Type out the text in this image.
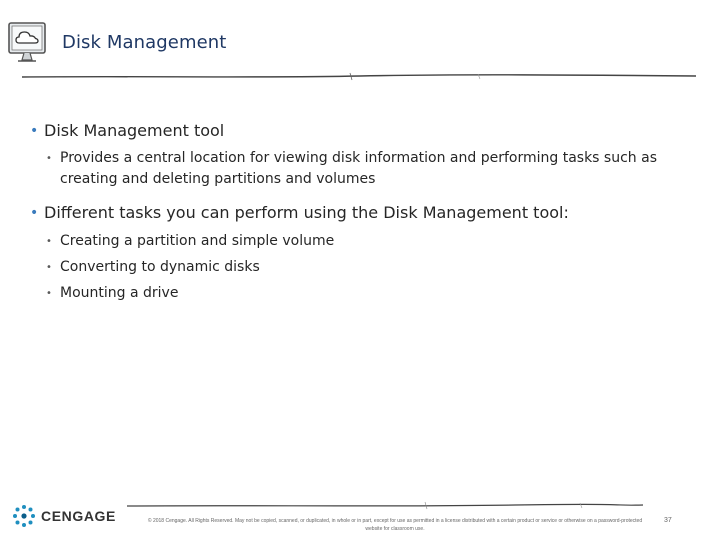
Disk Management
• Disk Management tool
• Provides a central location for viewing disk information and performing tasks such as creating and deleting partitions and volumes
• Different tasks you can perform using the Disk Management tool:
• Creating a partition and simple volume
• Converting to dynamic disks
• Mounting a drive
CENGAGE	© 2018 Cengage. All Rights Reserved. May not be copied, scanned, or duplicated, in whole or in part, except for use as permitted in a license distributed with a certain product or service or otherwise on a password-protected website for classroom use.
37
